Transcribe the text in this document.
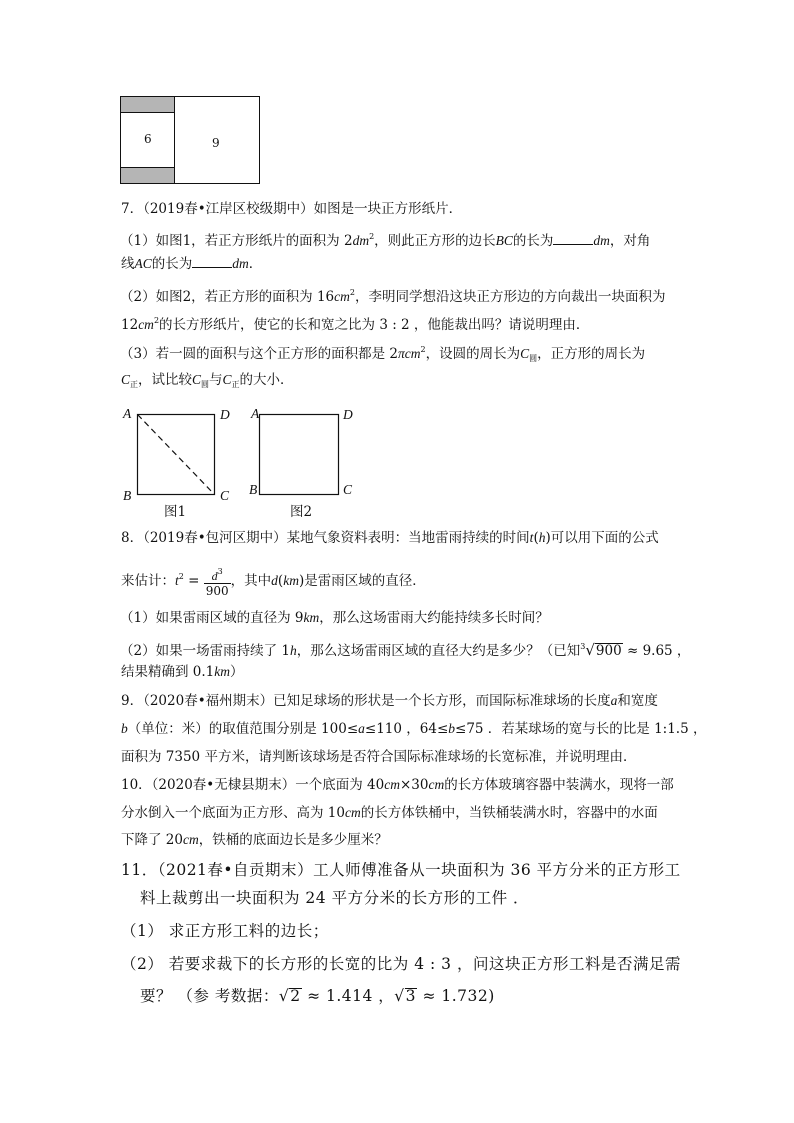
6	9
7．（2019春•江岸区校级期中）如图是一块正方形纸片．
（1）如图1，若正方形纸片的面积为 $2dm^2$，则此正方形的边长BC的长为	dm，对角
线AC的长为	dm．
（2）如图2，若正方形的面积为 $16cm^2$，李明同学想沿这块正方形边的方向裁出一块面积为
$12cm^2$的长方形纸片，使它的长和宽之比为 3 : 2 ，他能裁出吗？请说明理由．
（3）若一圆的面积与这个正方形的面积都是 2πcm$^2$，设圆的周长为$C_圆$，正方形的周长为
$C_正$，试比较$C_圆$与$C_正$的大小．
A	D
B	C
图1
A	D
B	C
图2
8．（2019春•包河区期中）某地气象资料表明：当地雷雨持续的时间t(h)可以用下面的公式
来估计：$t^2 = \frac{d^3}{900}$ ，其中d(km)是雷雨区域的直径．
（1）如果雷雨区域的直径为 9km，那么这场雷雨大约能持续多长时间？
（2）如果一场雷雨持续了 1h，那么这场雷雨区域的直径大约是多少？（已知$^3$√900 ≈ 9.65 ，
结果精确到 0.1km）
9．（2020春•福州期末）已知足球场的形状是一个长方形，而国际标准球场的长度a和宽度
b（单位：米）的取值范围分别是 100≤a≤110 ，64≤b≤75 ．若某球场的宽与长的比是 1:1.5 ，
面积为 7350 平方米，请判断该球场是否符合国际标准球场的长宽标准，并说明理由．
10．（2020春•无棣县期末）一个底面为 40cm×30cm的长方体玻璃容器中装满水，现将一部
分水倒入一个底面为正方形、高为 10cm的长方体铁桶中，当铁桶装满水时，容器中的水面
下降了 20cm，铁桶的底面边长是多少厘米？
11．（2021春•自贡期末）工人师傅准备从一块面积为 36 平方分米的正方形工
料上裁剪出一块面积为 24 平方分米的长方形的工件 ．
（1） 求正方形工料的边长；
（2） 若要求裁下的长方形的长宽的比为 4 : 3 ，问这块正方形工料是否满足需
要？ （参 考数据：√2 ≈ 1.414 ，√3 ≈ 1.732)
